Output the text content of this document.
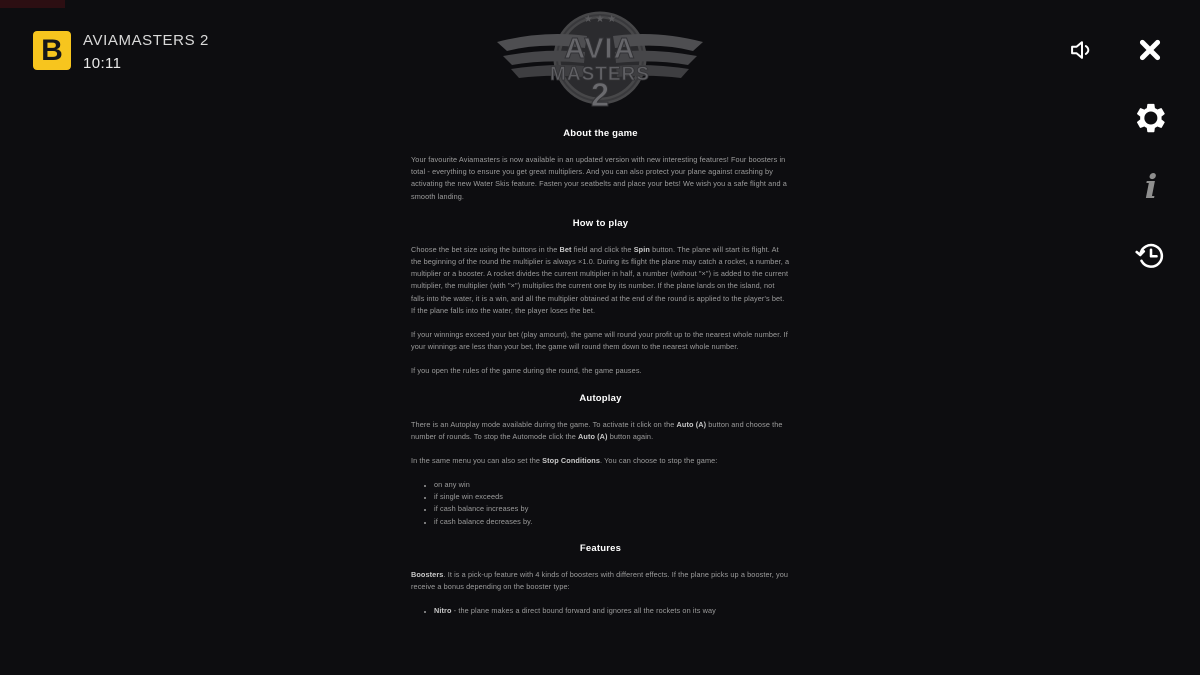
B AVIAMASTERS 2
10:11
★ ★ ★
AVIA
MASTERS
2
i
About the game

Your favourite Aviamasters is now available in an updated version with new interesting features! Four boosters in total - everything to ensure you get great multipliers. And you can also protect your plane against crashing by activating the new Water Skis feature. Fasten your seatbelts and place your bets! We wish you a safe flight and a smooth landing.

How to play

Choose the bet size using the buttons in the Bet field and click the Spin button. The plane will start its flight. At the beginning of the round the multiplier is always ×1.0. During its flight the plane may catch a rocket, a number, a multiplier or a booster. A rocket divides the current multiplier in half, a number (without "×") is added to the current multiplier, the multiplier (with "×") multiplies the current one by its number. If the plane lands on the island, not falls into the water, it is a win, and all the multiplier obtained at the end of the round is applied to the player's bet. If the plane falls into the water, the player loses the bet.

If your winnings exceed your bet (play amount), the game will round your profit up to the nearest whole number. If your winnings are less than your bet, the game will round them down to the nearest whole number.

If you open the rules of the game during the round, the game pauses.

Autoplay

There is an Autoplay mode available during the game. To activate it click on the Auto (A) button and choose the number of rounds. To stop the Automode click the Auto (A) button again.

In the same menu you can also set the Stop Conditions. You can choose to stop the game:

• on any win
• if single win exceeds
• if cash balance increases by
• if cash balance decreases by.
Features

Boosters. It is a pick-up feature with 4 kinds of boosters with different effects. If the plane picks up a booster, you receive a bonus depending on the booster type:

• Nitro - the plane makes a direct bound forward and ignores all the rockets on its way
